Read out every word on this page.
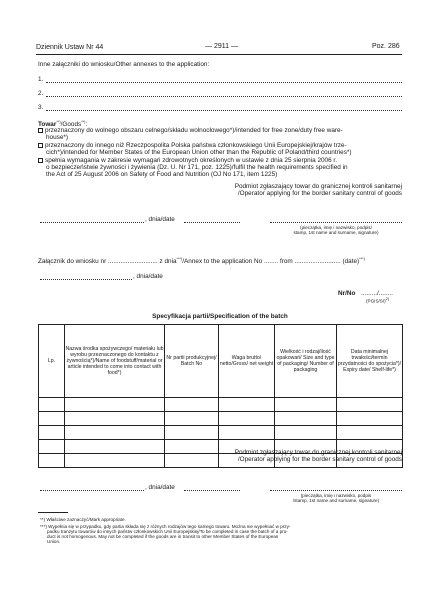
Dziennik Ustaw Nr 44	— 2911 —	Poz. 286
Inne załączniki do wniosku/Other annexes to the application:
1.
2.
3.
Towar**)/Goods**):
przeznaczony do wolnego obszaru celnego/składu wolnocłowego*)/intended for free zone/duty free ware-
house*)
przeznaczony do innego niż Rzeczpospolita Polska państwa członkowskiego Unii Europejskiej/krajów trze-
cich*)/intended for Member States of the European Union other than the Republic of Poland/third countries*)
spełnia wymagania w zakresie wymagań zdrowotnych określonych w ustawie z dnia 25 sierpnia 2006 r.
o bezpieczeństwie żywności i żywienia (Dz. U. Nr 171, poz. 1225)/fulfil the health requirements specified in
the Act of 25 August 2006 on Safety of Food and Nutrition (OJ No 171, item 1225)
Podmiot zgłaszający towar do granicznej kontroli sanitarnej
/Operator applying for the border sanitary control of goods
, dnia/date
(pieczątka, imię i nazwisko, podpis/
stamp, 1st name and surname, signature)
Załącznik do wniosku nr ............................ z dnia***)/Annex to the application No ........ from .......................... (date)***)
, dnia/date
Nr/No ........./........
(PGIS/SI)$^{2)}$
Specyfikacja partii/Specification of the batch
Lp.	Nazwa środka spożywczego/ materiału lub wyrobu przeznaczonego do kontaktu z żywnością*)/Name of foodstuff/material or article intended to come into contact with food*)	Nr partii produkcyjnej/ Batch No	Waga brutto/ netto/Gross/ net weight	Wielkość i rodzaj/ilość opakowań/ Size and type of packaging/ Number of packaging	Data minimalnej trwałości/termin przydatności do spożycia*)/ Expiry date/ Shelf-life*)

Podmiot zgłaszający towar do granicznej kontroli sanitarnej
/Operator applying for the border sanitary control of goods
, dnia/date
(pieczątka, imię i nazwisko, podpis
/stamp, 1st name and surname, signature)
**) Właściwe zaznaczyć/Mark appropriate.
***) Wypełnia się w przypadku, gdy partia składa się z różnych rodzajów tego samego towaru. Można nie wypełniać w przy-
padku tranzytu towarów do innych państw członkowskich Unii Europejskiej/To be completed in case the batch of a pro-
duct is not homogenous. May not be completed if the goods are in transit to other Member States of the European
Union.
